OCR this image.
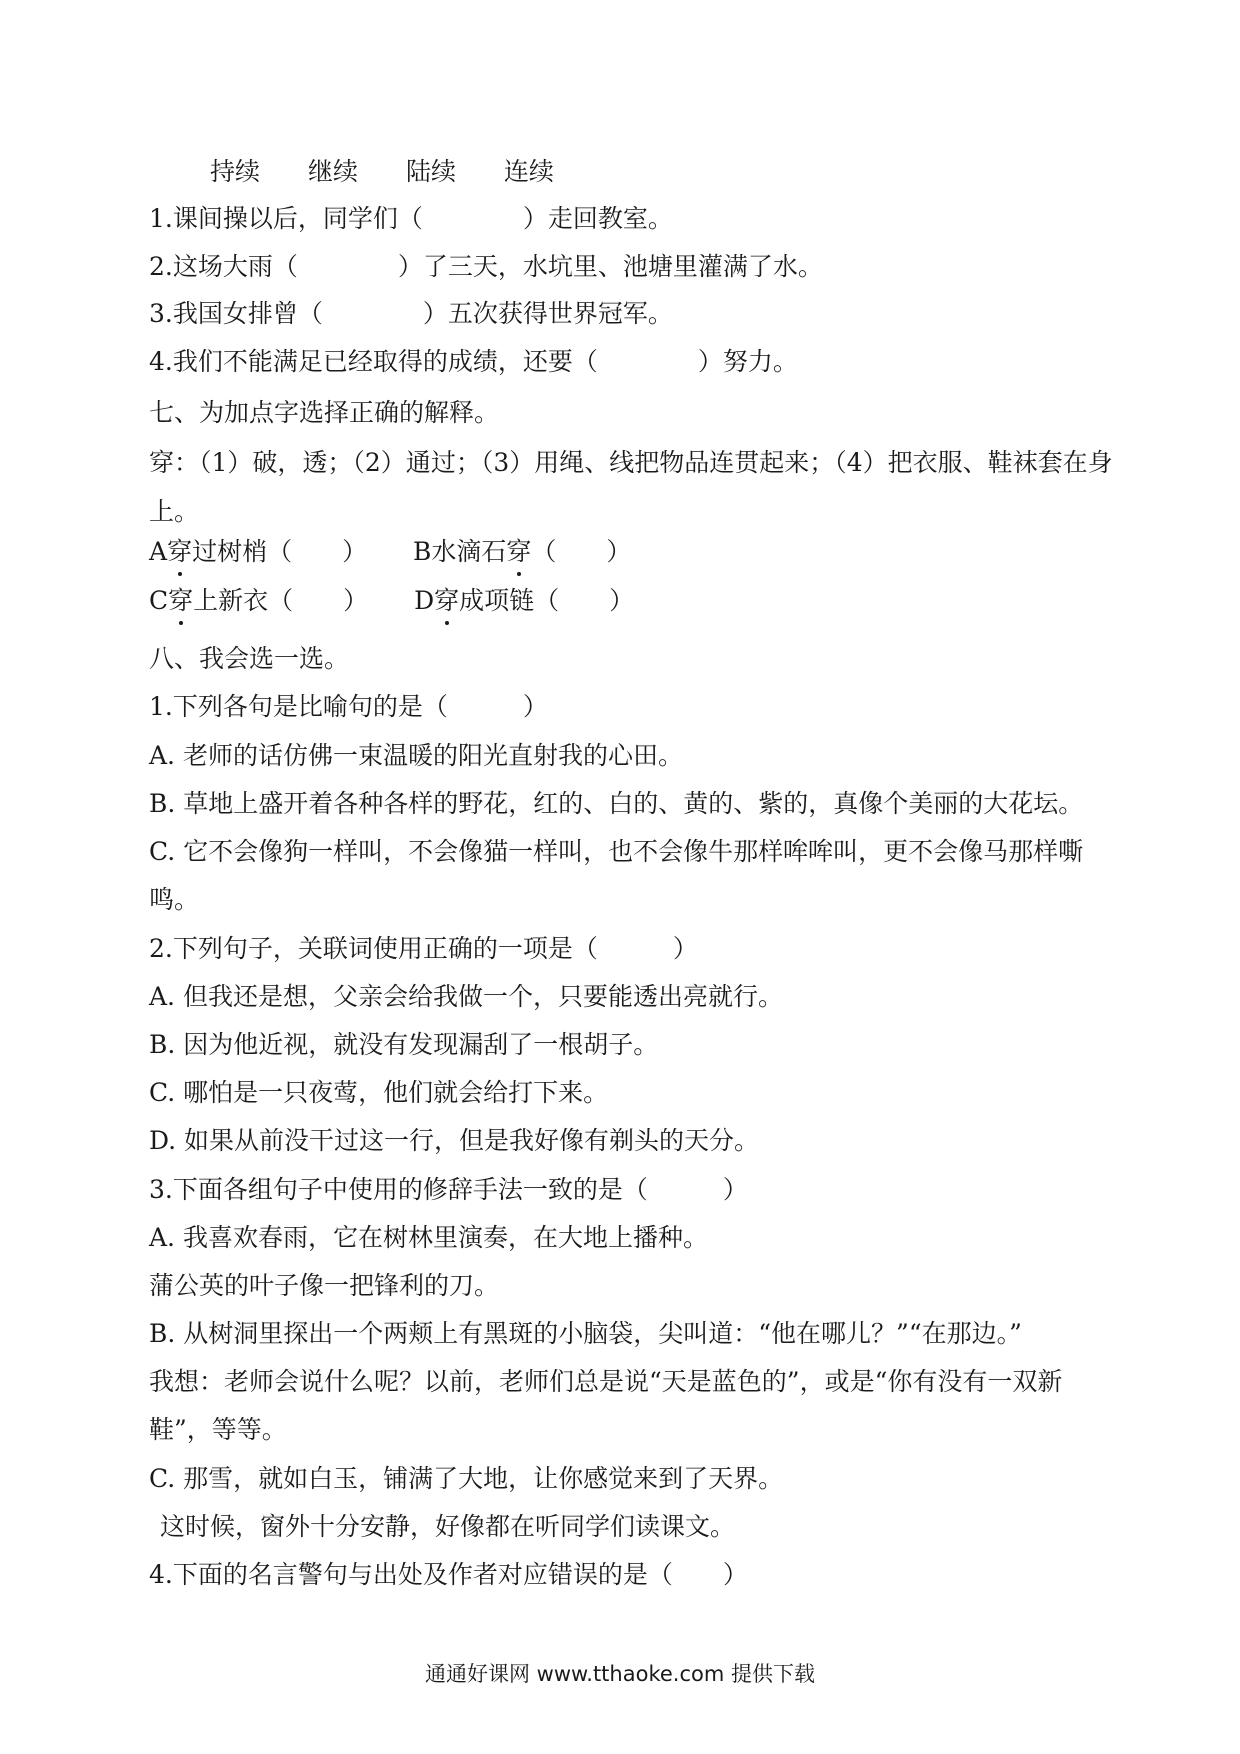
持续 继续 陆续 连续
1.课间操以后，同学们（	）走回教室。
2.这场大雨（	）了三天，水坑里、池塘里灌满了水。
3.我国女排曾（	）五次获得世界冠军。
4.我们不能满足已经取得的成绩，还要（	）努力。
七、为加点字选择正确的解释。
穿：（1）破，透；（2）通过；（3）用绳、线把物品连贯起来；（4）把衣服、鞋袜套在身
上。
A穿过树梢（　　） B水滴石穿（　　）
C穿上新衣（　　） D穿成项链（　　）
八、我会选一选。
1.下列各句是比喻句的是（　　　）
A. 老师的话仿佛一束温暖的阳光直射我的心田。
B. 草地上盛开着各种各样的野花，红的、白的、黄的、紫的，真像个美丽的大花坛。
C. 它不会像狗一样叫，不会像猫一样叫，也不会像牛那样哞哞叫，更不会像马那样嘶
鸣。
2.下列句子，关联词使用正确的一项是（　　　）
A. 但我还是想，父亲会给我做一个，只要能透出亮就行。
B. 因为他近视，就没有发现漏刮了一根胡子。
C. 哪怕是一只夜莺，他们就会给打下来。
D. 如果从前没干过这一行，但是我好像有剃头的天分。
3.下面各组句子中使用的修辞手法一致的是（　　　）
A. 我喜欢春雨，它在树林里演奏，在大地上播种。
蒲公英的叶子像一把锋利的刀。
B. 从树洞里探出一个两颊上有黑斑的小脑袋，尖叫道：“他在哪儿？”“在那边。”
我想：老师会说什么呢？以前，老师们总是说“天是蓝色的”，或是“你有没有一双新
鞋”，等等。
C. 那雪，就如白玉，铺满了大地，让你感觉来到了天界。
这时候，窗外十分安静，好像都在听同学们读课文。
4.下面的名言警句与出处及作者对应错误的是（　　）
通通好课网 www.tthaoke.com 提供下载
